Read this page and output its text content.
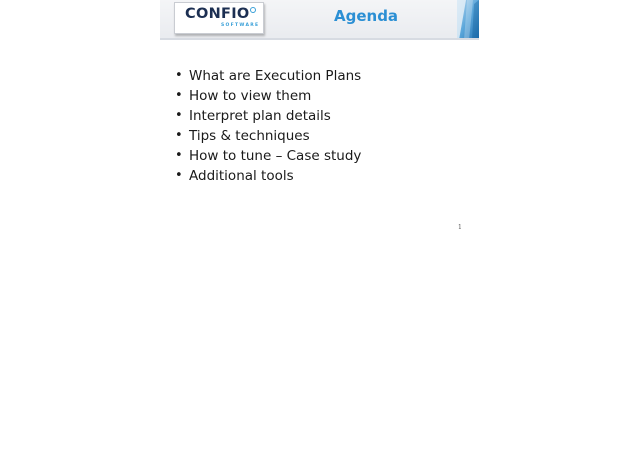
CONFIO
SOFTWARE
Agenda
• What are Execution Plans
• How to view them
• Interpret plan details
• Tips & techniques
• How to tune – Case study
• Additional tools
1
